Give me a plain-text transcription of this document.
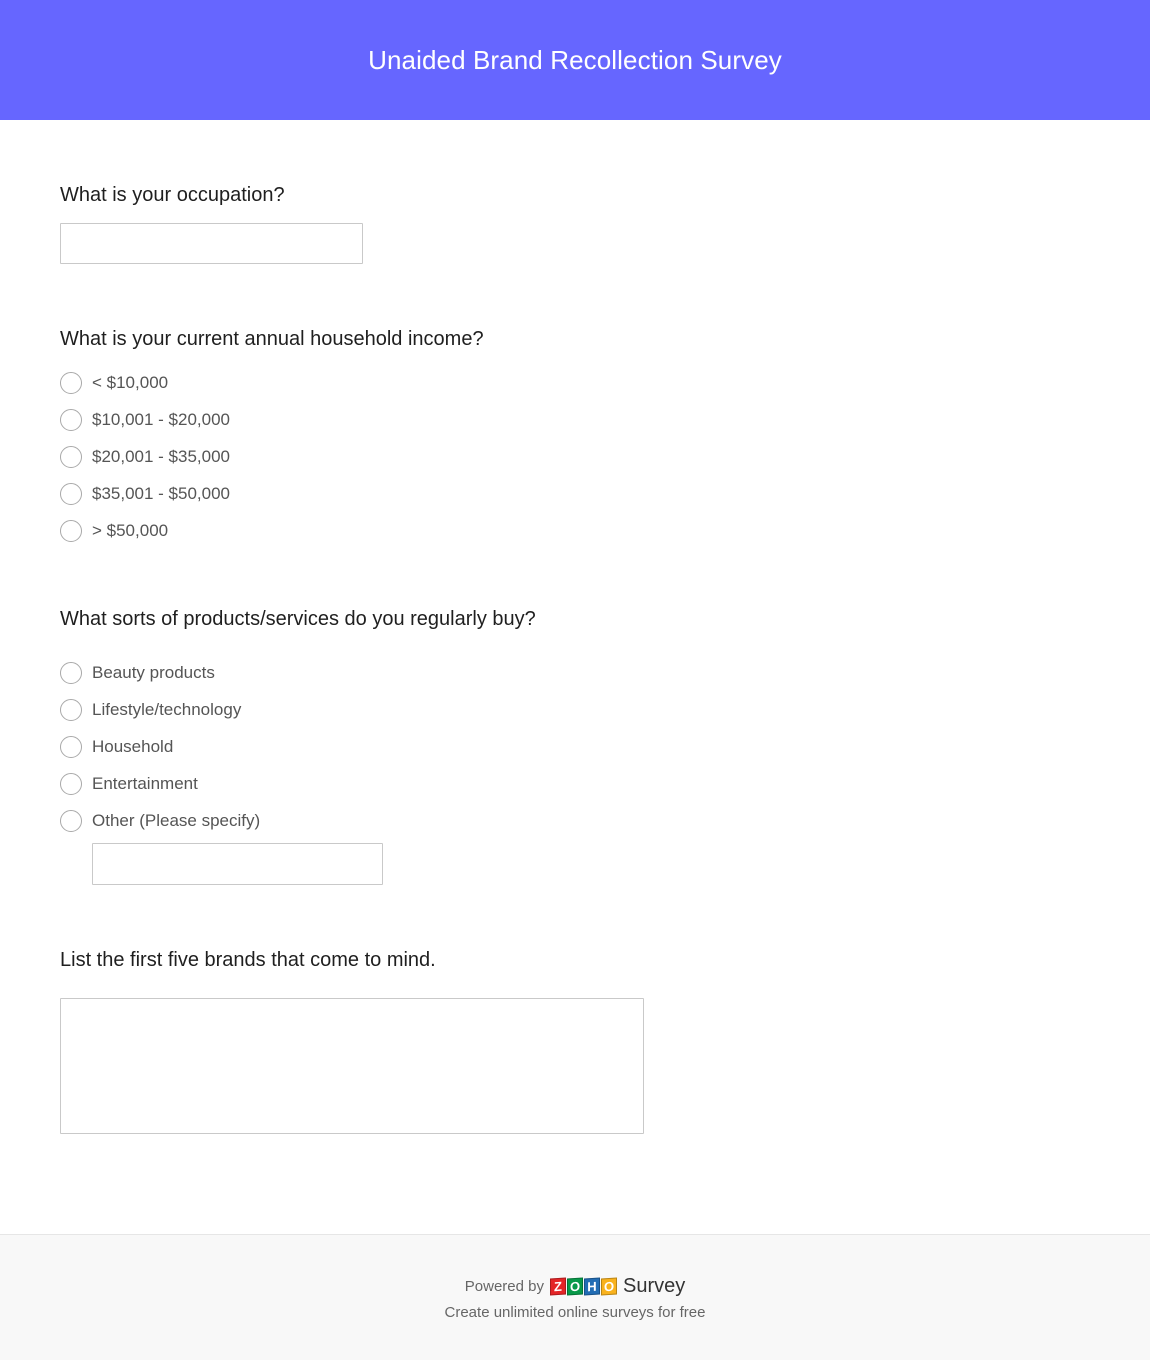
Unaided Brand Recollection Survey
What is your occupation?
What is your current annual household income?
< $10,000
$10,001 - $20,000
$20,001 - $35,000
$35,001 - $50,000
> $50,000
What sorts of products/services do you regularly buy?
Beauty products
Lifestyle/technology
Household
Entertainment
Other (Please specify)
List the first five brands that come to mind.
Powered by Z O H O Survey
Create unlimited online surveys for free
